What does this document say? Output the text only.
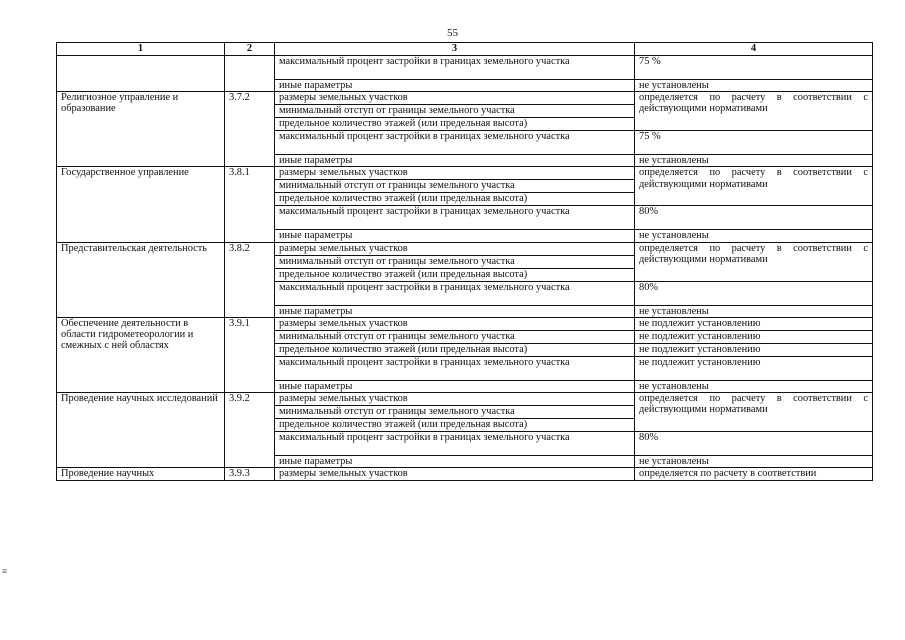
55
1	2	3	4
		максимальный процент застройки в границах земельного участка	75 %
		иные параметры	не установлены
Религиозное управление и образование	3.7.2	размеры земельных участков	определяется по расчету в соответствии с действующими нормативами
		минимальный отступ от границы земельного участка	
		предельное количество этажей (или предельная высота)	
		максимальный процент застройки в границах земельного участка	75 %
		иные параметры	не установлены
Государственное управление	3.8.1	размеры земельных участков	определяется по расчету в соответствии с действующими нормативами
		минимальный отступ от границы земельного участка	
		предельное количество этажей (или предельная высота)	
		максимальный процент застройки в границах земельного участка	80%
		иные параметры	не установлены
Представительская деятельность	3.8.2	размеры земельных участков	определяется по расчету в соответствии с действующими нормативами
		минимальный отступ от границы земельного участка	
		предельное количество этажей (или предельная высота)	
		максимальный процент застройки в границах земельного участка	80%
		иные параметры	не установлены
Обеспечение деятельности в области гидрометеорологии и смежных с ней областях	3.9.1	размеры земельных участков	не подлежит установлению
		минимальный отступ от границы земельного участка	не подлежит установлению
		предельное количество этажей (или предельная высота)	не подлежит установлению
		максимальный процент застройки в границах земельного участка	не подлежит установлению
		иные параметры	не установлены
Проведение научных исследований	3.9.2	размеры земельных участков	определяется по расчету в соответствии с действующими нормативами
		минимальный отступ от границы земельного участка	
		предельное количество этажей (или предельная высота)	
		максимальный процент застройки в границах земельного участка	80%
		иные параметры	не установлены
Проведение научных	3.9.3	размеры земельных участков	определяется по расчету в соответствии
≡
